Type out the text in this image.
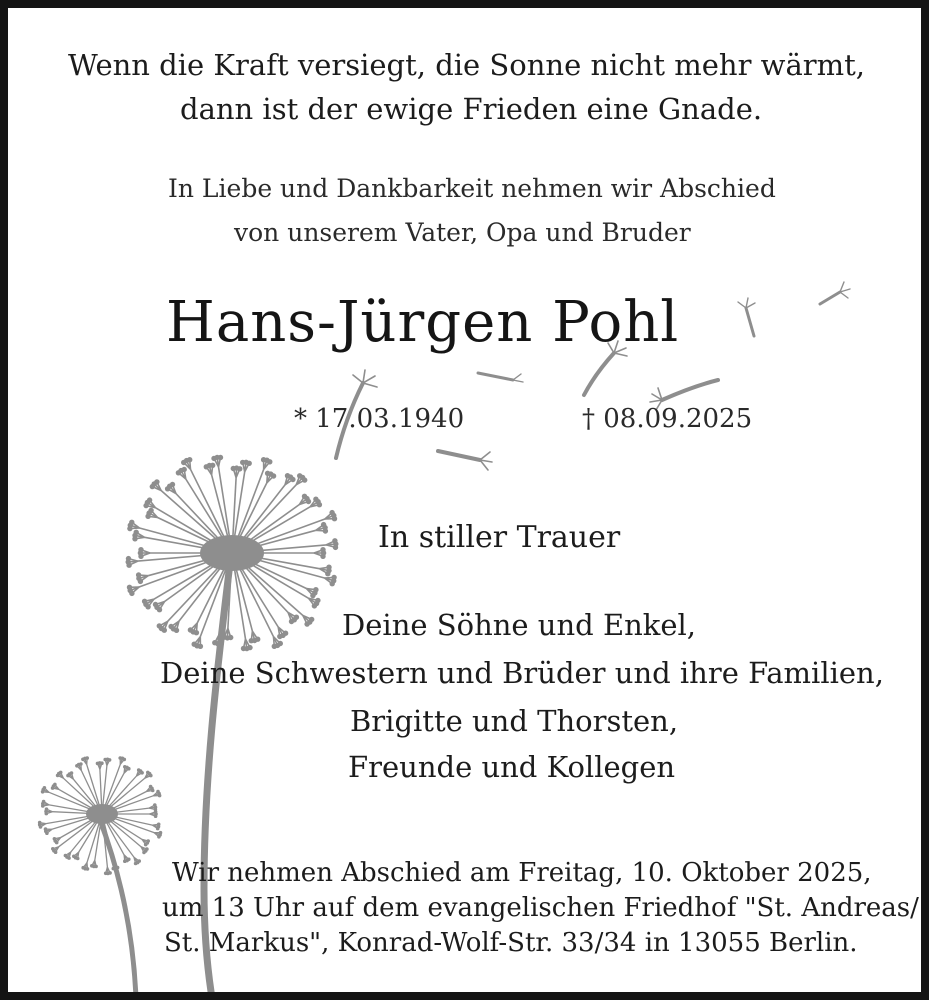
Wenn die Kraft versiegt, die Sonne nicht mehr wärmt,
dann ist der ewige Frieden eine Gnade.
In Liebe und Dankbarkeit nehmen wir Abschied
von unserem Vater, Opa und Bruder
Hans-Jürgen Pohl
* 17.03.1940	† 08.09.2025
In stiller Trauer
Deine Söhne und Enkel,
Deine Schwestern und Brüder und ihre Familien,
Brigitte und Thorsten,
Freunde und Kollegen
Wir nehmen Abschied am Freitag, 10. Oktober 2025,
um 13 Uhr auf dem evangelischen Friedhof "St. Andreas/
St. Markus", Konrad-Wolf-Str. 33/34 in 13055 Berlin.
